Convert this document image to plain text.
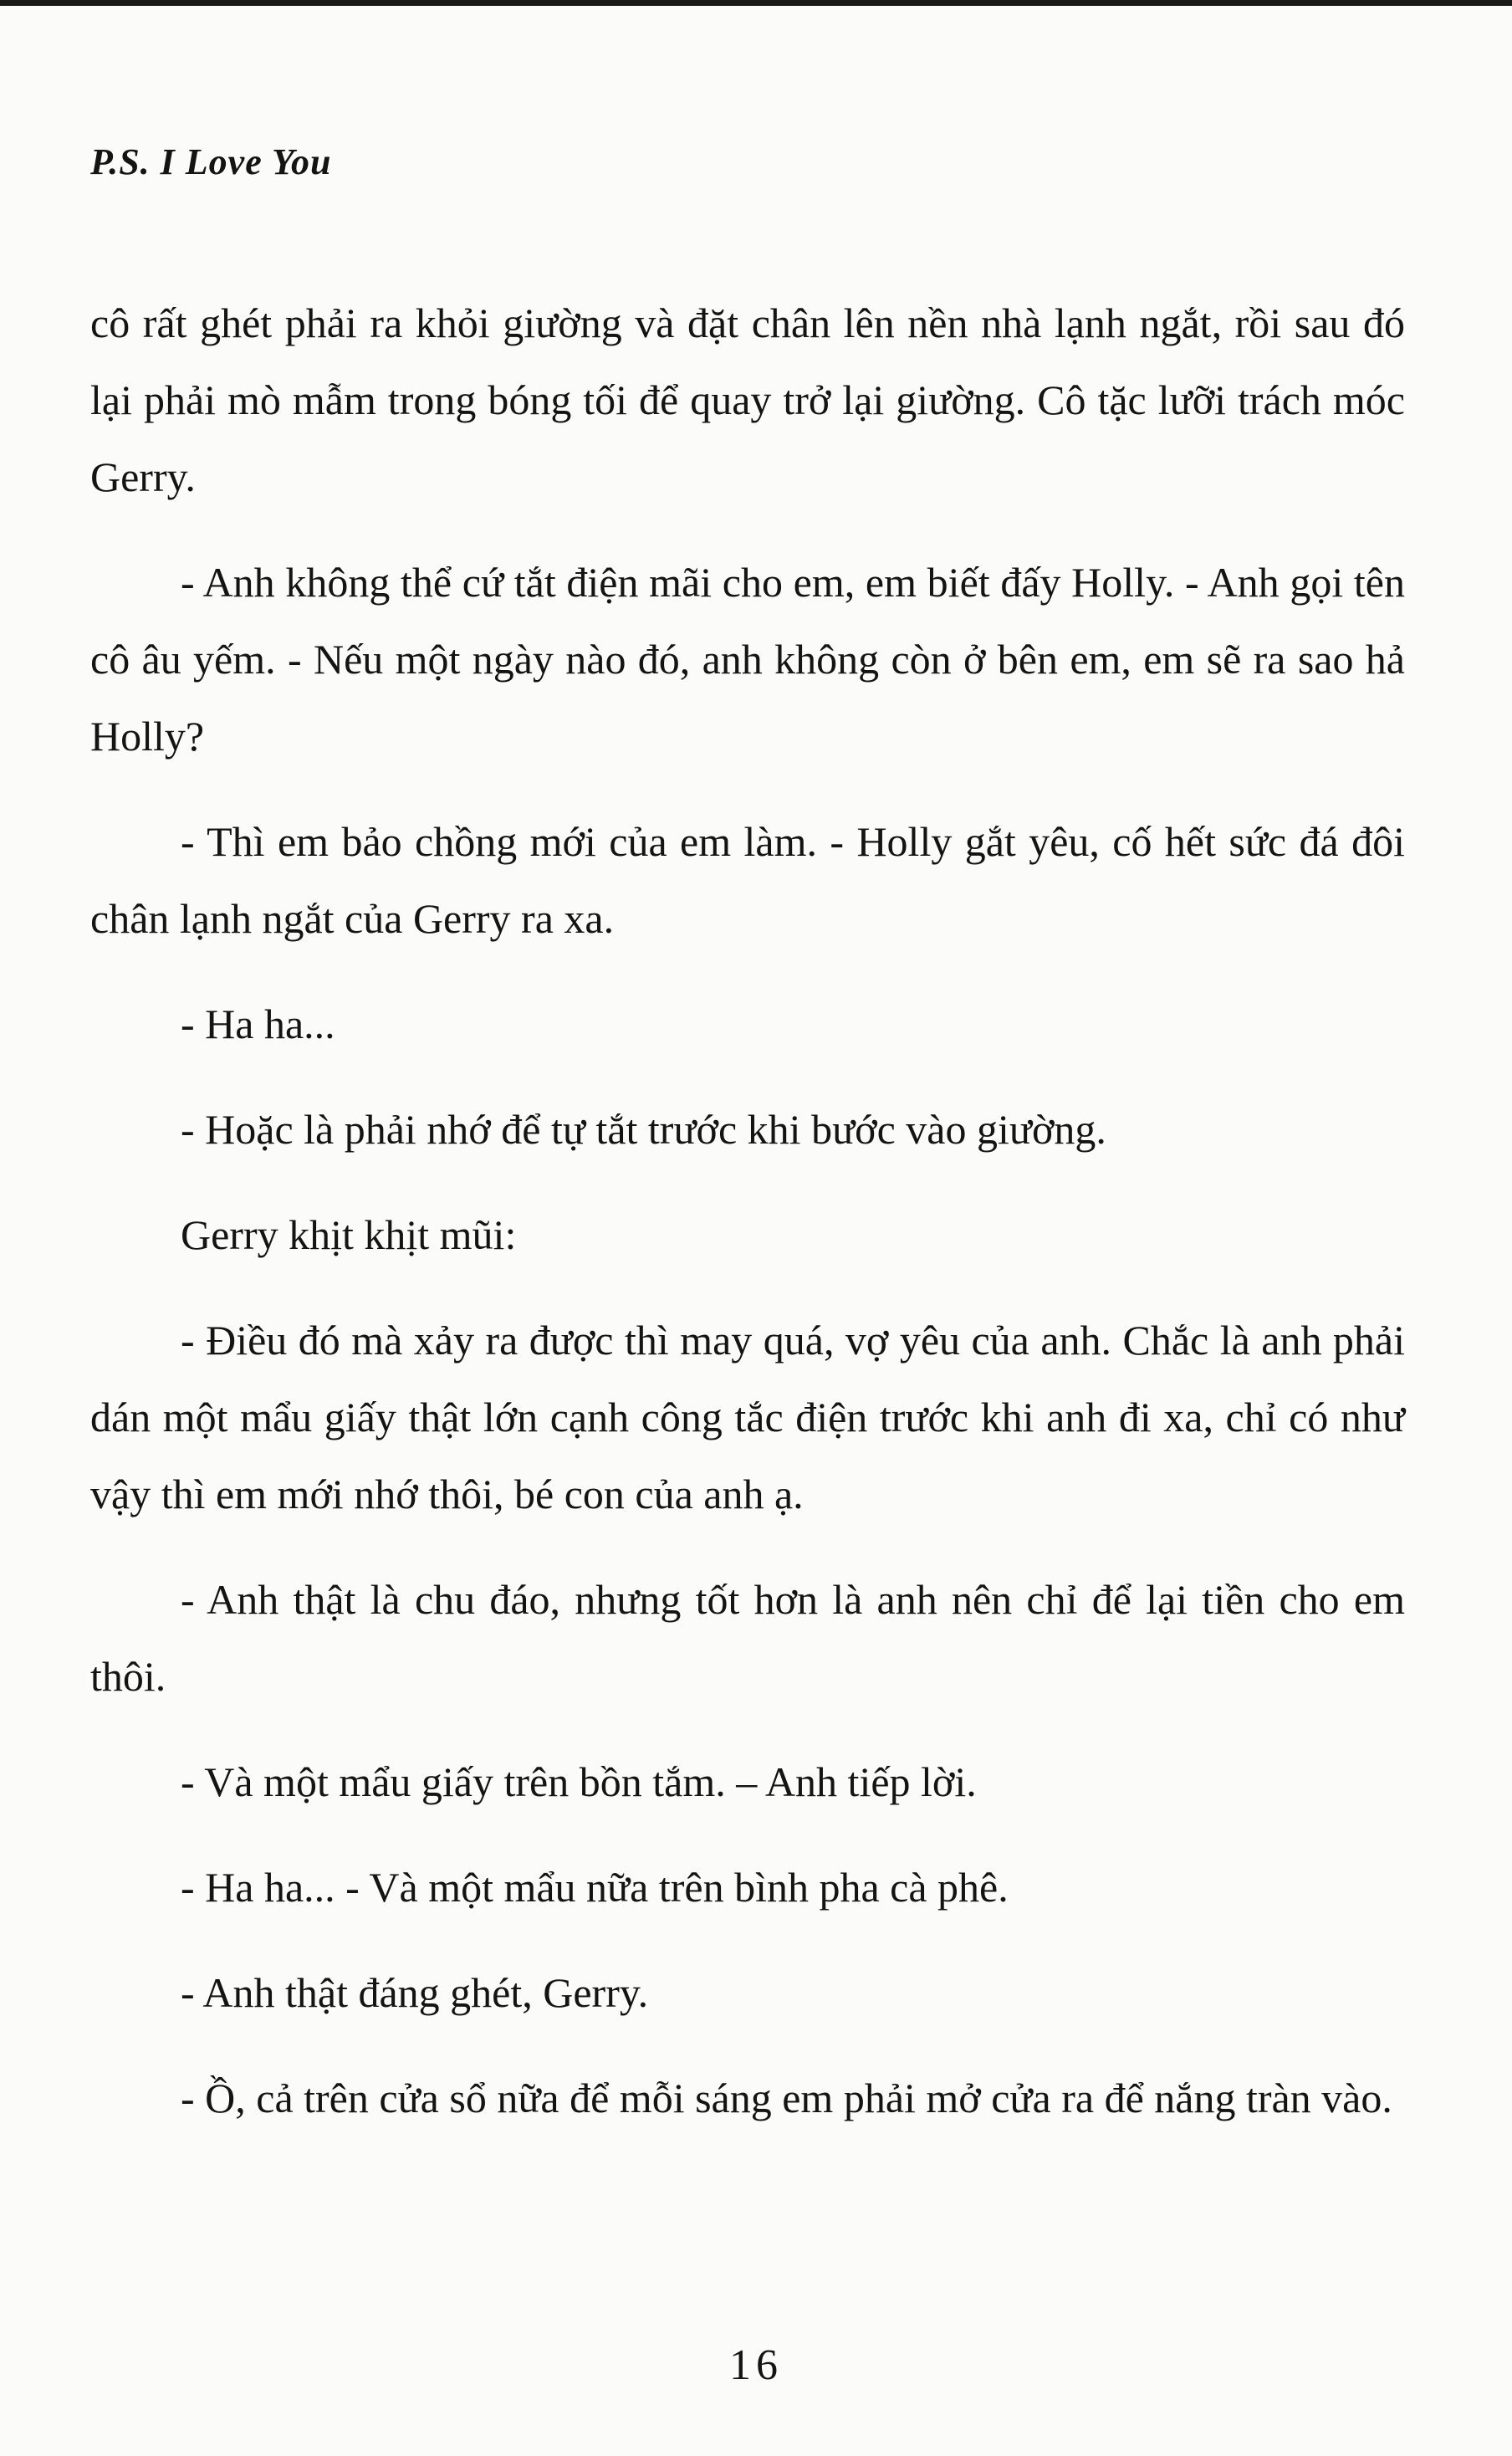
P.S. I Love You

cô rất ghét phải ra khỏi giường và đặt chân lên nền nhà lạnh ngắt, rồi sau đó lại phải mò mẫm trong bóng tối để quay trở lại giường. Cô tặc lưỡi trách móc Gerry.

- Anh không thể cứ tắt điện mãi cho em, em biết đấy Holly. - Anh gọi tên cô âu yếm. - Nếu một ngày nào đó, anh không còn ở bên em, em sẽ ra sao hả Holly?

- Thì em bảo chồng mới của em làm. - Holly gắt yêu, cố hết sức đá đôi chân lạnh ngắt của Gerry ra xa.

- Ha ha...

- Hoặc là phải nhớ để tự tắt trước khi bước vào giường.

Gerry khịt khịt mũi:

- Điều đó mà xảy ra được thì may quá, vợ yêu của anh. Chắc là anh phải dán một mẩu giấy thật lớn cạnh công tắc điện trước khi anh đi xa, chỉ có như vậy thì em mới nhớ thôi, bé con của anh ạ.

- Anh thật là chu đáo, nhưng tốt hơn là anh nên chỉ để lại tiền cho em thôi.

- Và một mẩu giấy trên bồn tắm. – Anh tiếp lời.

- Ha ha... - Và một mẩu nữa trên bình pha cà phê.

- Anh thật đáng ghét, Gerry.

- Ồ, cả trên cửa sổ nữa để mỗi sáng em phải mở cửa ra để nắng tràn vào.

16
